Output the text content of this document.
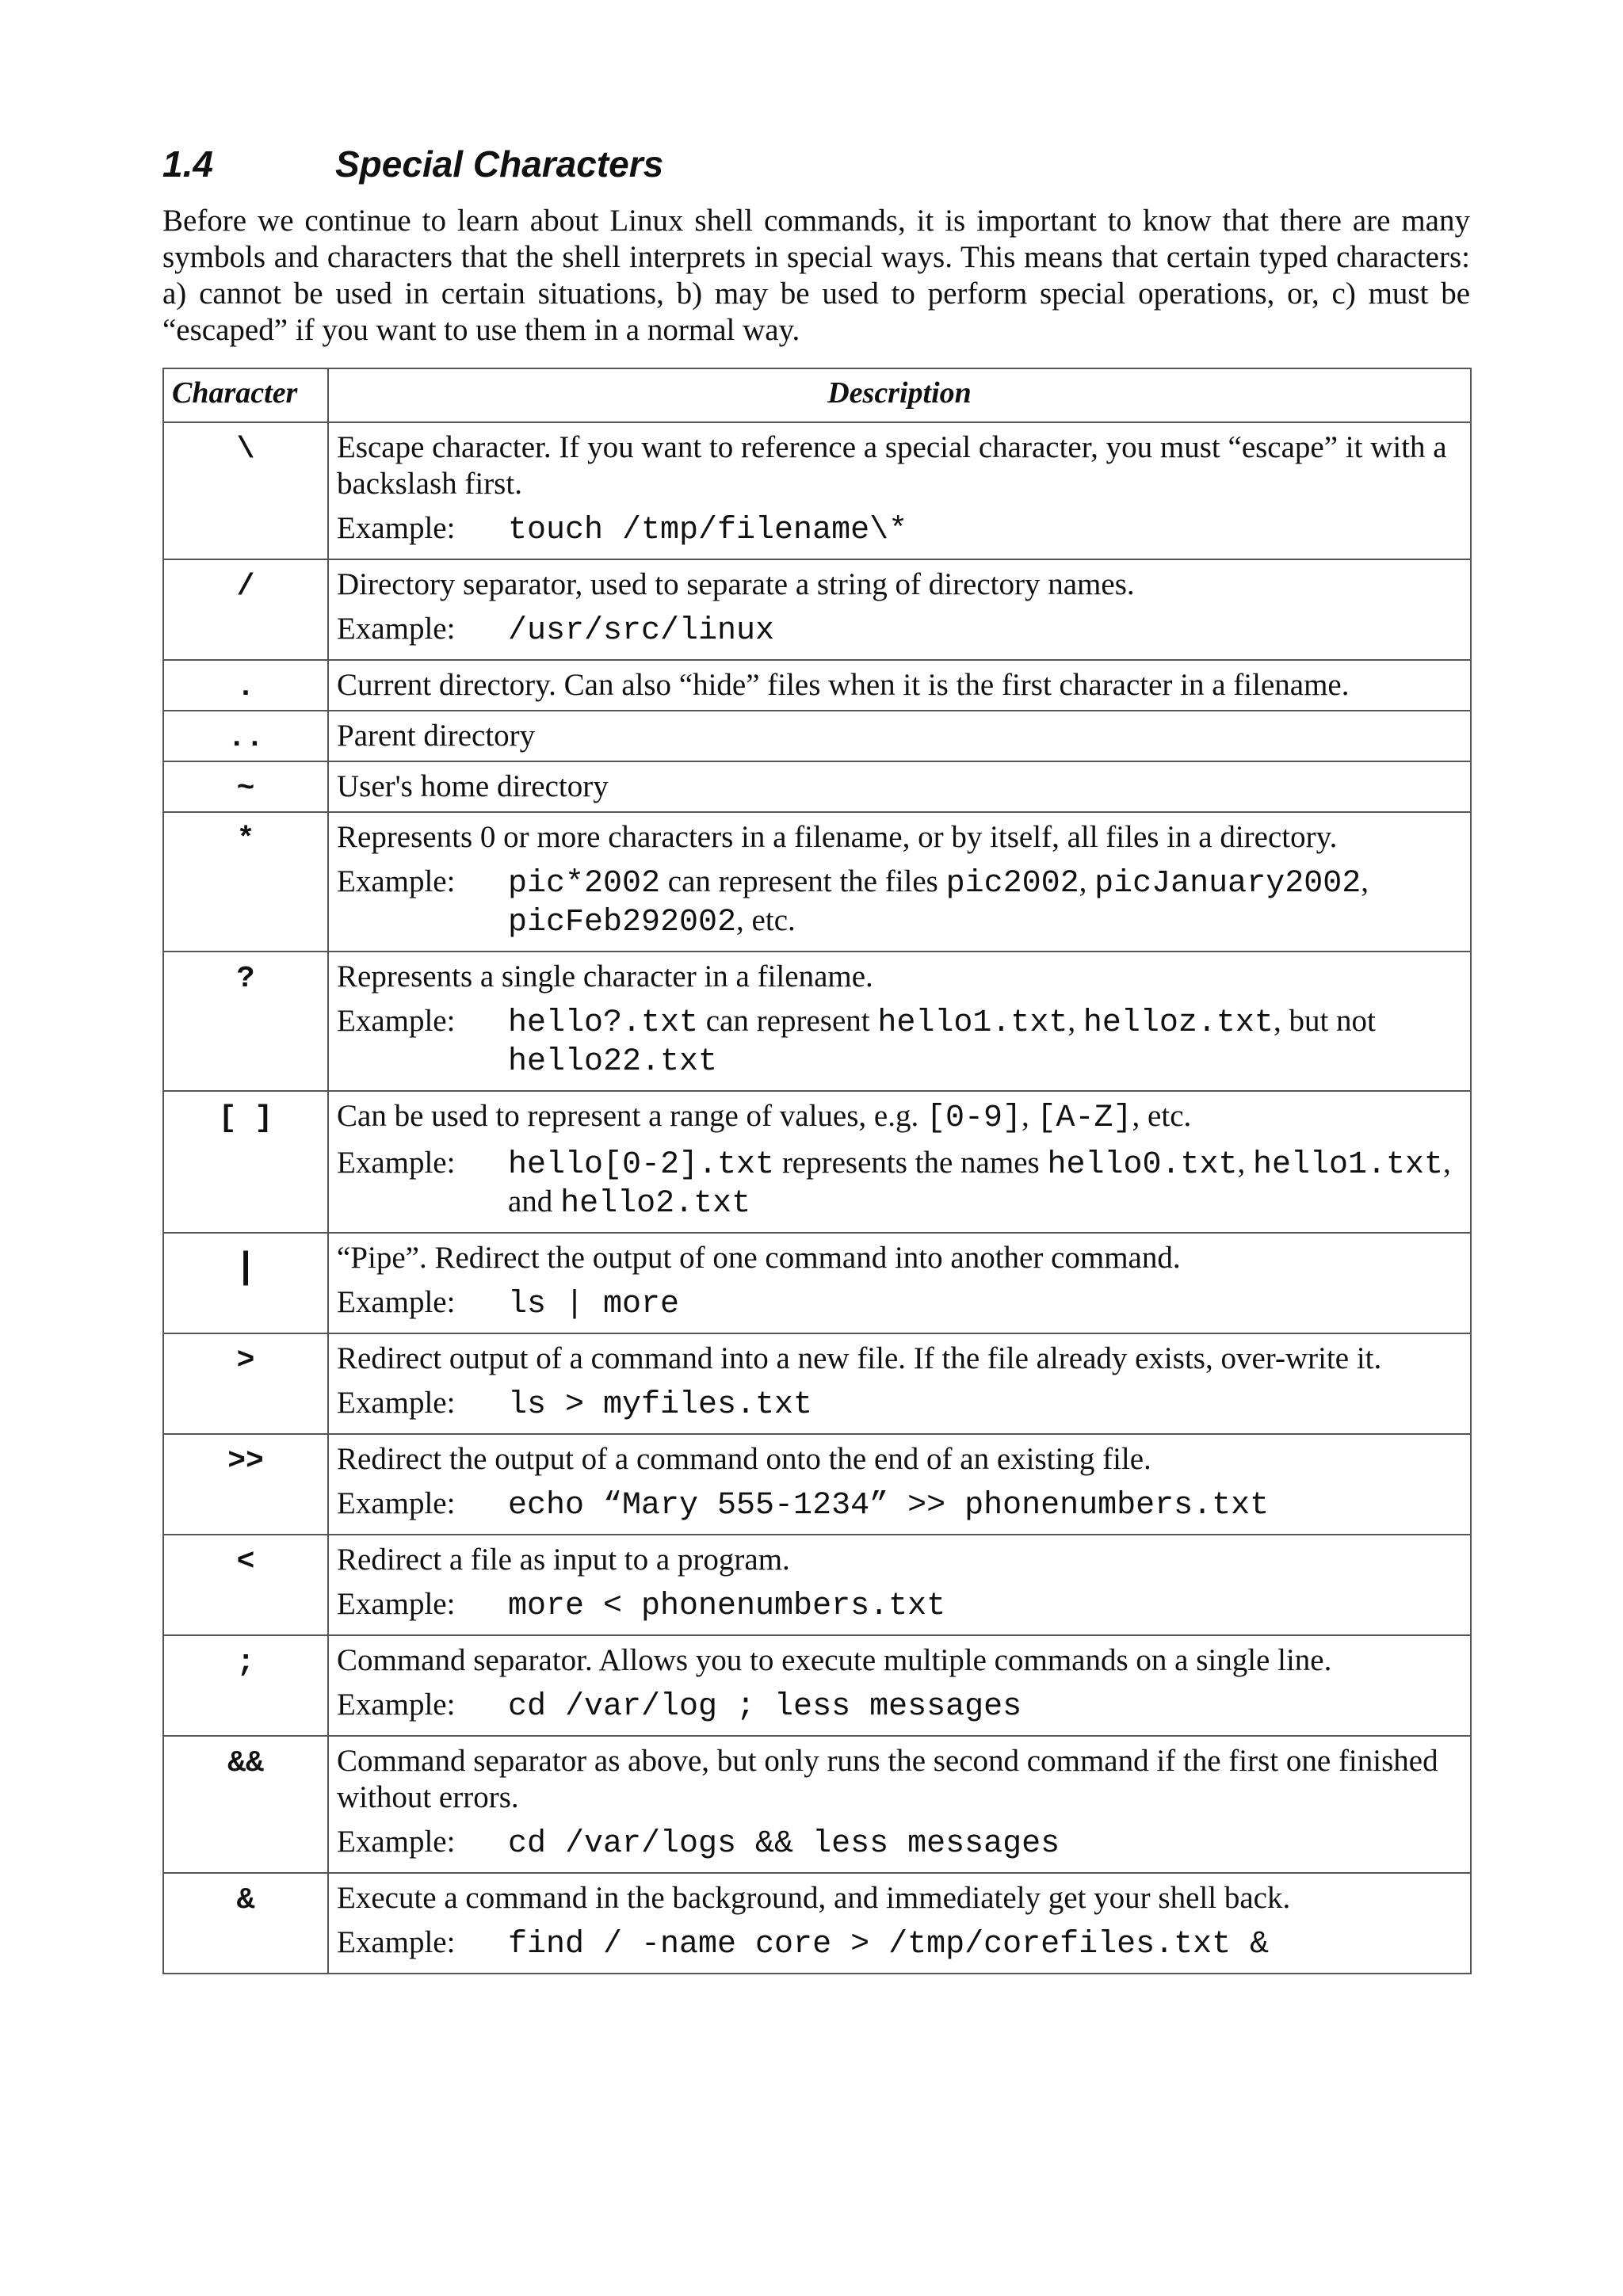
1.4	Special Characters

Before we continue to learn about Linux shell commands, it is important to know that there are many symbols and characters that the shell interprets in special ways. This means that certain typed characters: a) cannot be used in certain situations, b) may be used to perform special operations, or, c) must be “escaped” if you want to use them in a normal way.

Character	Description
\	Escape character. If you want to reference a special character, you must “escape” it with a backslash first.
Example: touch /tmp/filename\*

/	Directory separator, used to separate a string of directory names.
Example: /usr/src/linux

.	Current directory. Can also “hide” files when it is the first character in a filename.

..	Parent directory

~	User's home directory

*	Represents 0 or more characters in a filename, or by itself, all files in a directory.
Example: pic*2002 can represent the files pic2002, picJanuary2002, picFeb292002, etc.

?	Represents a single character in a filename.
Example: hello?.txt can represent hello1.txt, helloz.txt, but not hello22.txt

[ ]	Can be used to represent a range of values, e.g. [0-9], [A-Z], etc.
Example: hello[0-2].txt represents the names hello0.txt, hello1.txt, and hello2.txt

|	“Pipe”. Redirect the output of one command into another command.
Example: ls | more

>	Redirect output of a command into a new file. If the file already exists, over-write it.
Example: ls > myfiles.txt

>>	Redirect the output of a command onto the end of an existing file.
Example: echo “Mary 555-1234” >> phonenumbers.txt

<	Redirect a file as input to a program.
Example: more < phonenumbers.txt

;	Command separator. Allows you to execute multiple commands on a single line.
Example: cd /var/log ; less messages

&&	Command separator as above, but only runs the second command if the first one finished without errors.
Example: cd /var/logs && less messages

&	Execute a command in the background, and immediately get your shell back.
Example: find / -name core > /tmp/corefiles.txt &
